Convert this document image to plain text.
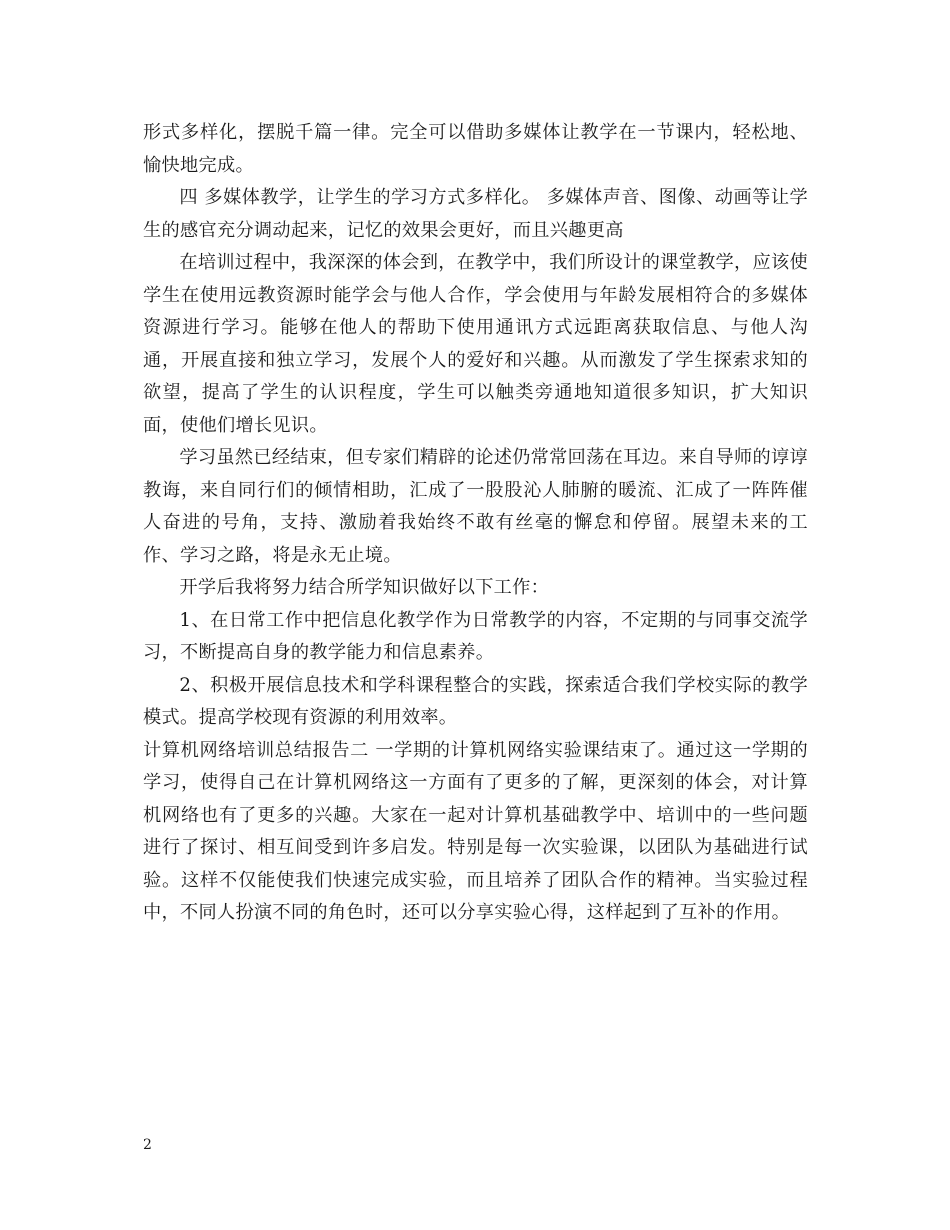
形式多样化，摆脱千篇一律。完全可以借助多媒体让教学在一节课内，轻松地、愉快地完成。

四 多媒体教学，让学生的学习方式多样化。 多媒体声音、图像、动画等让学生的感官充分调动起来，记忆的效果会更好，而且兴趣更高

在培训过程中，我深深的体会到，在教学中，我们所设计的课堂教学，应该使学生在使用远教资源时能学会与他人合作，学会使用与年龄发展相符合的多媒体资源进行学习。能够在他人的帮助下使用通讯方式远距离获取信息、与他人沟通，开展直接和独立学习，发展个人的爱好和兴趣。从而激发了学生探索求知的欲望，提高了学生的认识程度，学生可以触类旁通地知道很多知识，扩大知识面，使他们增长见识。

学习虽然已经结束，但专家们精辟的论述仍常常回荡在耳边。来自导师的谆谆教诲，来自同行们的倾情相助，汇成了一股股沁人肺腑的暖流、汇成了一阵阵催人奋进的号角，支持、激励着我始终不敢有丝毫的懈怠和停留。展望未来的工作、学习之路，将是永无止境。

开学后我将努力结合所学知识做好以下工作：

1、在日常工作中把信息化教学作为日常教学的内容，不定期的与同事交流学习，不断提高自身的教学能力和信息素养。

2、积极开展信息技术和学科课程整合的实践，探索适合我们学校实际的教学模式。提高学校现有资源的利用效率。

计算机网络培训总结报告二 一学期的计算机网络实验课结束了。通过这一学期的学习，使得自己在计算机网络这一方面有了更多的了解，更深刻的体会，对计算机网络也有了更多的兴趣。大家在一起对计算机基础教学中、培训中的一些问题进行了探讨、相互间受到许多启发。特别是每一次实验课，以团队为基础进行试验。这样不仅能使我们快速完成实验，而且培养了团队合作的精神。当实验过程中，不同人扮演不同的角色时，还可以分享实验心得，这样起到了互补的作用。

2
